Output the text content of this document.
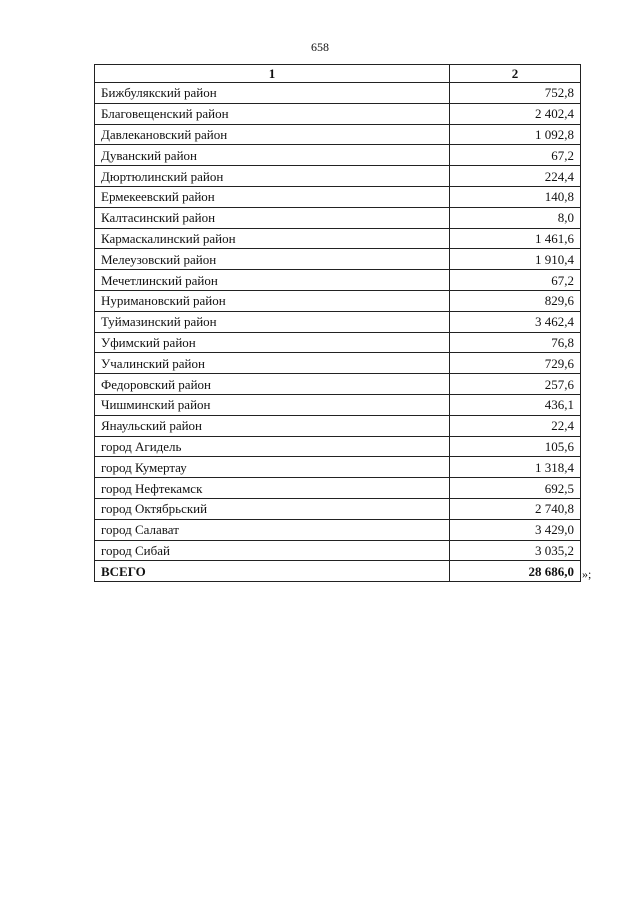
658
1	2
Бижбулякский район	752,8
Благовещенский район	2 402,4
Давлекановский район	1 092,8
Дуванский район	67,2
Дюртюлинский район	224,4
Ермекеевский район	140,8
Калтасинский район	8,0
Кармаскалинский район	1 461,6
Мелеузовский район	1 910,4
Мечетлинский район	67,2
Нуримановский район	829,6
Туймазинский район	3 462,4
Уфимский район	76,8
Учалинский район	729,6
Федоровский район	257,6
Чишминский район	436,1
Янаульский район	22,4
город Агидель	105,6
город Кумертау	1 318,4
город Нефтекамск	692,5
город Октябрьский	2 740,8
город Салават	3 429,0
город Сибай	3 035,2
ВСЕГО	28 686,0 »;
